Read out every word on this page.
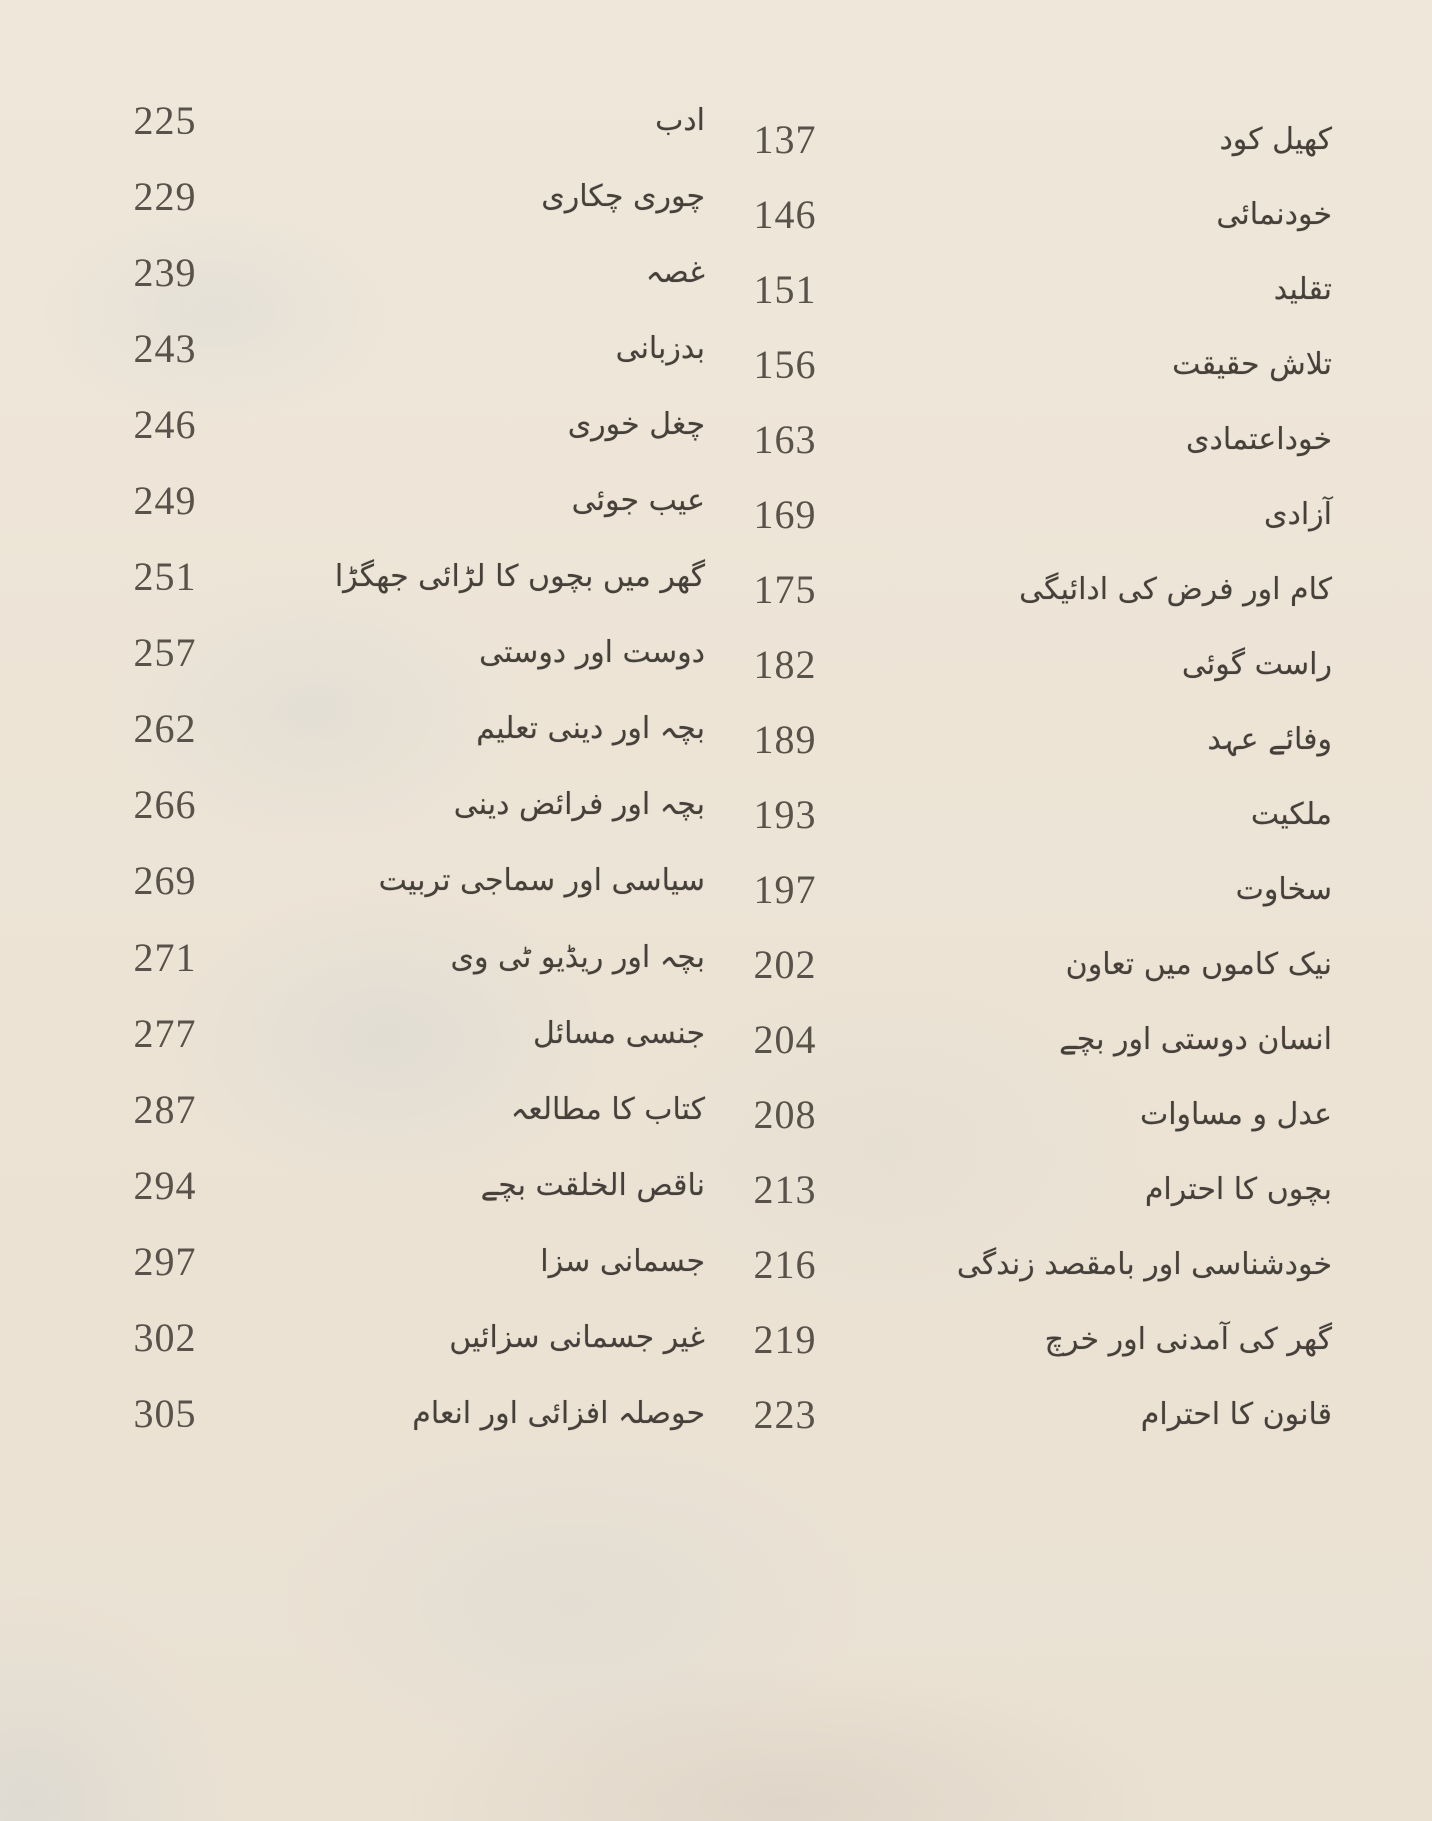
225	ادب
229	چوری چکاری
239	غصہ
243	بدزبانی
246	چغل خوری
249	عیب جوئی
251	گھر میں بچوں کا لڑائی جھگڑا
257	دوست اور دوستی
262	بچہ اور دینی تعلیم
266	بچہ اور فرائض دینی
269	سیاسی اور سماجی تربیت
271	بچہ اور ریڈیو ٹی وی
277	جنسی مسائل
287	کتاب کا مطالعہ
294	ناقص الخلقت بچے
297	جسمانی سزا
302	غیر جسمانی سزائیں
305	حوصلہ افزائی اور انعام
137	کھیل کود
146	خودنمائی
151	تقلید
156	تلاش حقیقت
163	خوداعتمادی
169	آزادی
175	کام اور فرض کی ادائیگی
182	راست گوئی
189	وفائے عہد
193	ملکیت
197	سخاوت
202	نیک کاموں میں تعاون
204	انسان دوستی اور بچے
208	عدل و مساوات
213	بچوں کا احترام
216	خودشناسی اور بامقصد زندگی
219	گھر کی آمدنی اور خرچ
223	قانون کا احترام
